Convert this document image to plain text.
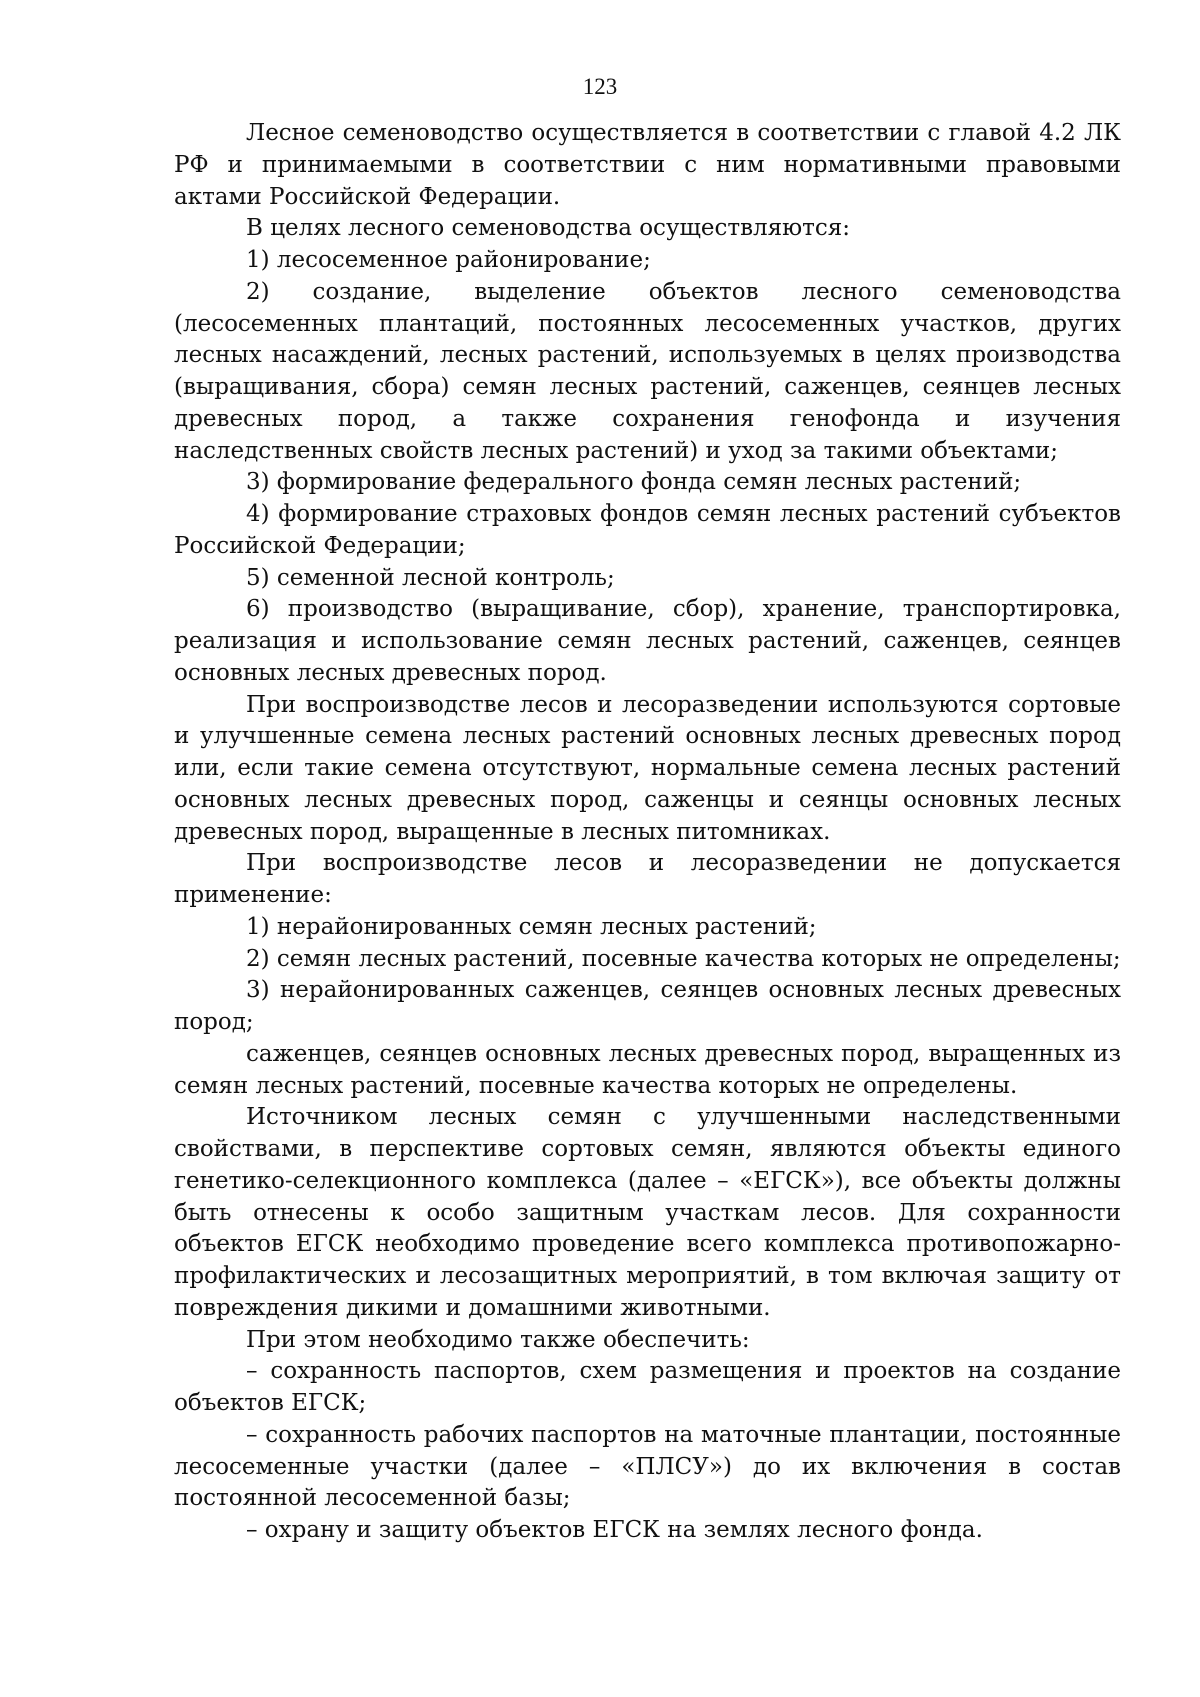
123

Лесное семеноводство осуществляется в соответствии с главой 4.2 ЛК РФ и принимаемыми в соответствии с ним нормативными правовыми актами Российской Федерации.

В целях лесного семеноводства осуществляются:

1) лесосеменное районирование;

2) создание, выделение объектов лесного семеноводства (лесосеменных плантаций, постоянных лесосеменных участков, других лесных насаждений, лесных растений, используемых в целях производства (выращивания, сбора) семян лесных растений, саженцев, сеянцев лесных древесных пород, а также сохранения генофонда и изучения наследственных свойств лесных растений) и уход за такими объектами;

3) формирование федерального фонда семян лесных растений;

4) формирование страховых фондов семян лесных растений субъектов Российской Федерации;

5) семенной лесной контроль;

6) производство (выращивание, сбор), хранение, транспортировка, реализация и использование семян лесных растений, саженцев, сеянцев основных лесных древесных пород.

При воспроизводстве лесов и лесоразведении используются сортовые и улучшенные семена лесных растений основных лесных древесных пород или, если такие семена отсутствуют, нормальные семена лесных растений основных лесных древесных пород, саженцы и сеянцы основных лесных древесных пород, выращенные в лесных питомниках.

При воспроизводстве лесов и лесоразведении не допускается применение:

1) нерайонированных семян лесных растений;

2) семян лесных растений, посевные качества которых не определены;

3) нерайонированных саженцев, сеянцев основных лесных древесных пород;

саженцев, сеянцев основных лесных древесных пород, выращенных из семян лесных растений, посевные качества которых не определены.

Источником лесных семян с улучшенными наследственными свойствами, в перспективе сортовых семян, являются объекты единого генетико-селекционного комплекса (далее – «ЕГСК»), все объекты должны быть отнесены к особо защитным участкам лесов. Для сохранности объектов ЕГСК необходимо проведение всего комплекса противопожарно-профилактических и лесозащитных мероприятий, в том включая защиту от повреждения дикими и домашними животными.

При этом необходимо также обеспечить:

– сохранность паспортов, схем размещения и проектов на создание объектов ЕГСК;

– сохранность рабочих паспортов на маточные плантации, постоянные лесосеменные участки (далее – «ПЛСУ») до их включения в состав постоянной лесосеменной базы;

– охрану и защиту объектов ЕГСК на землях лесного фонда.
